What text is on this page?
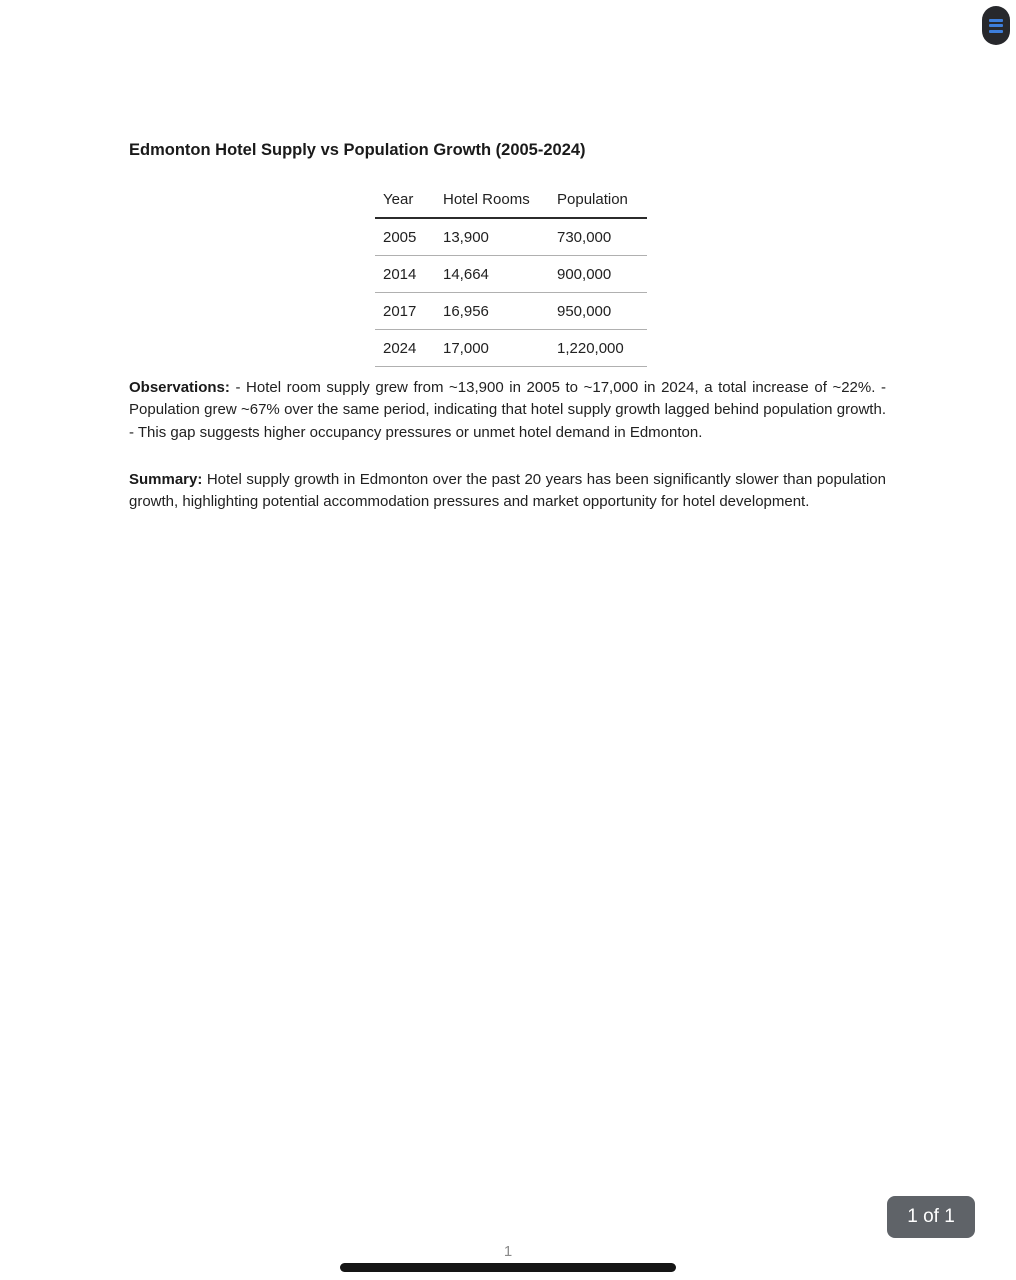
Edmonton Hotel Supply vs Population Growth (2005-2024)
Year	Hotel Rooms	Population
2005	13,900	730,000
2014	14,664	900,000
2017	16,956	950,000
2024	17,000	1,220,000

Observations: - Hotel room supply grew from ~13,900 in 2005 to ~17,000 in 2024, a total increase of ~22%. - Population grew ~67% over the same period, indicating that hotel supply growth lagged behind population growth. - This gap suggests higher occupancy pressures or unmet hotel demand in Edmonton.

Summary: Hotel supply growth in Edmonton over the past 20 years has been significantly slower than population growth, highlighting potential accommodation pressures and market opportunity for hotel development.

1
1 of 1
